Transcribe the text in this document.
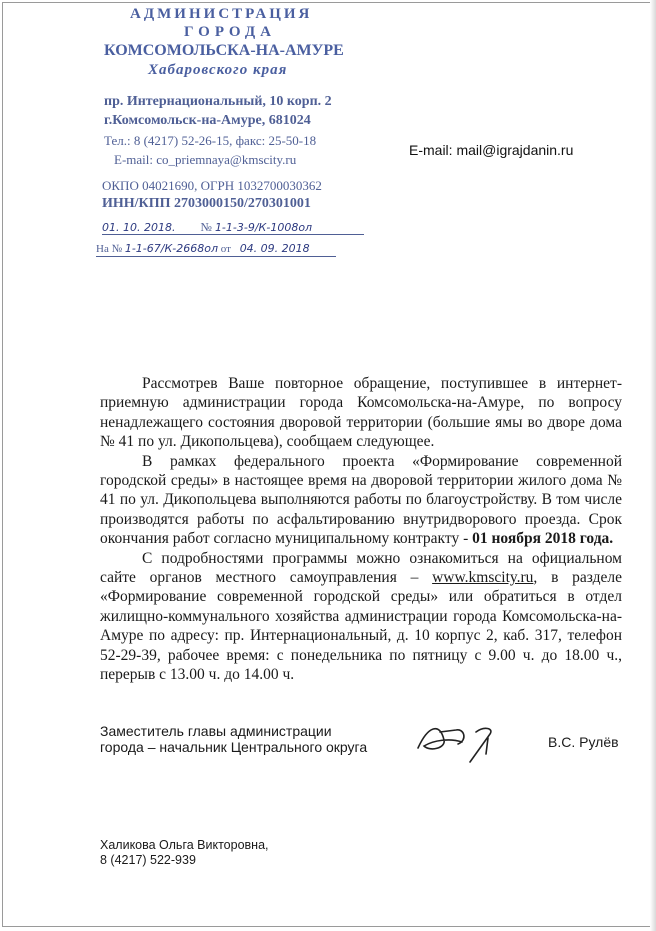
АДМИНИСТРАЦИЯ
ГОРОДА
КОМСОМОЛЬСКА-НА-АМУРЕ
Хабаровского края
пр. Интернациональный, 10 корп. 2
г.Комсомольск-на-Амуре, 681024
Тел.: 8 (4217) 52-26-15, факс: 25-50-18
E-mail: co_priemnaya@kmscity.ru
ОКПО 04021690, ОГРН 1032700030362
ИНН/КПП 2703000150/270301001
01. 10. 2018. № 1-1-3-9/К-1008ол
На № 1-1-67/К-2668ол от 04. 09. 2018
E-mail: mail@igrajdanin.ru

Рассмотрев Ваше повторное обращение, поступившее в интернет-приемную администрации города Комсомольска-на-Амуре, по вопросу ненадлежащего состояния дворовой территории (большие ямы во дворе дома № 41 по ул. Дикопольцева), сообщаем следующее.

В рамках федерального проекта «Формирование современной городской среды» в настоящее время на дворовой территории жилого дома № 41 по ул. Дикопольцева выполняются работы по благоустройству. В том числе производятся работы по асфальтированию внутридворового проезда. Срок окончания работ согласно муниципальному контракту - 01 ноября 2018 года.

С подробностями программы можно ознакомиться на официальном сайте органов местного самоуправления – www.kmscity.ru, в разделе «Формирование современной городской среды» или обратиться в отдел жилищно-коммунального хозяйства администрации города Комсомольска-на-Амуре по адресу: пр. Интернациональный, д. 10 корпус 2, каб. 317, телефон 52-29-39, рабочее время: с понедельника по пятницу с 9.00 ч. до 18.00 ч., перерыв с 13.00 ч. до 14.00 ч.

Заместитель главы администрации
города – начальник Центрального округа	В.С. Рулёв
Халикова Ольга Викторовна,
8 (4217) 522-939
